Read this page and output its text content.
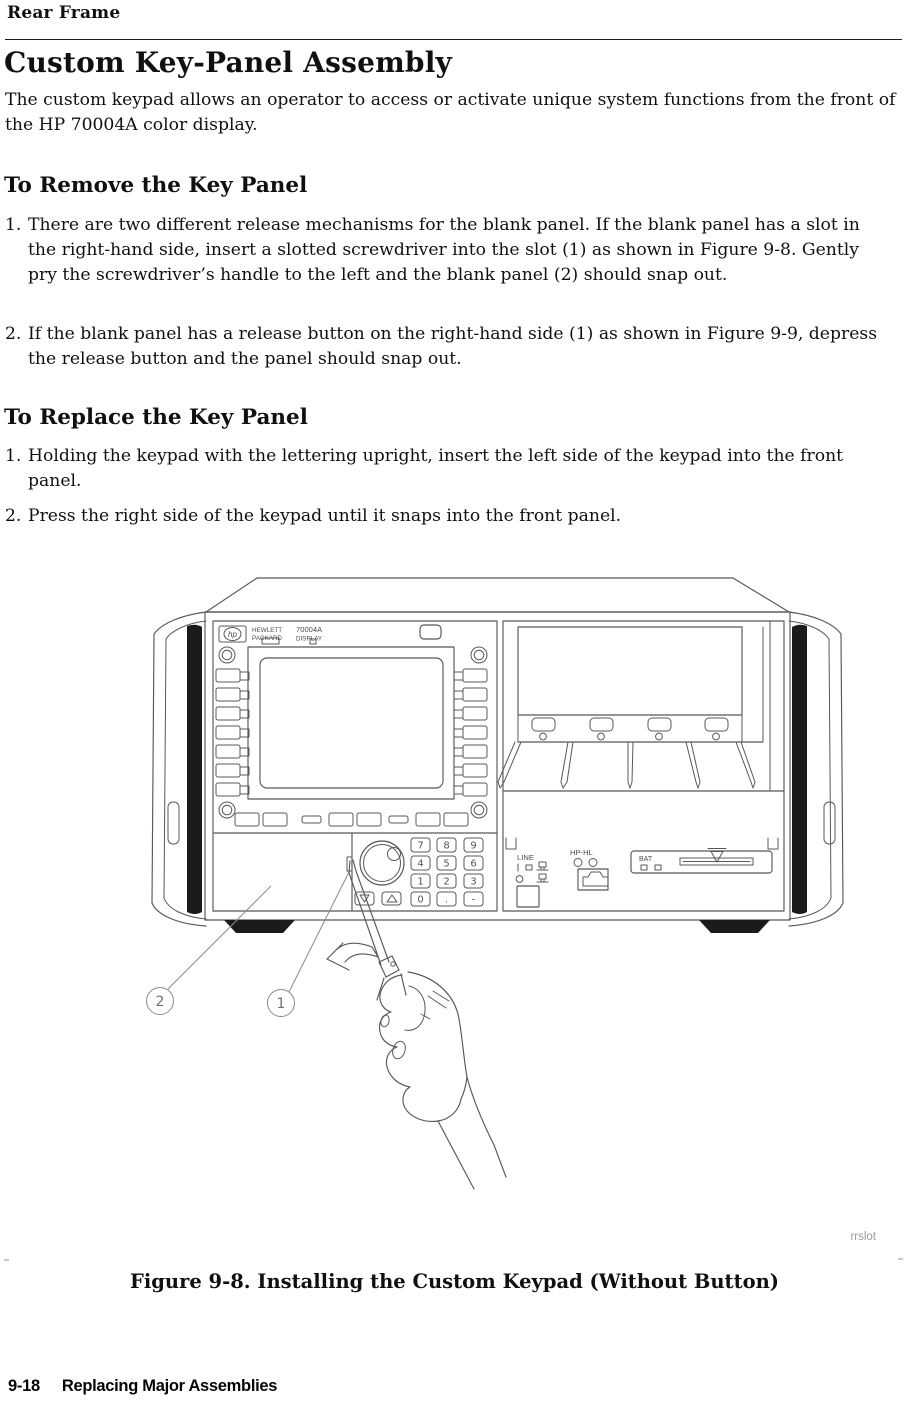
Rear Frame
Custom Key-Panel Assembly
The custom keypad allows an operator to access or activate unique system functions from the front of the HP 70004A color display.
To Remove the Key Panel
1. There are two different release mechanisms for the blank panel. If the blank panel has a slot in the right-hand side, insert a slotted screwdriver into the slot (1) as shown in Figure 9-8. Gently pry the screwdriver’s handle to the left and the blank panel (2) should snap out.
2. If the blank panel has a release button on the right-hand side (1) as shown in Figure 9-9, depress the release button and the panel should snap out.
To Replace the Key Panel
1. Holding the keypad with the lettering upright, insert the left side of the keypad into the front panel.
2. Press the right side of the keypad until it snaps into the front panel.
hp HEWLETT
PACKARD
70004A
DISPLAY
7 8 9
4 5 6
1 2 3
0 . -
LINE
HP-HL
BAT
2	1
rrslot
Figure 9-8. Installing the Custom Keypad (Without Button)
9-18 Replacing Major Assemblies
